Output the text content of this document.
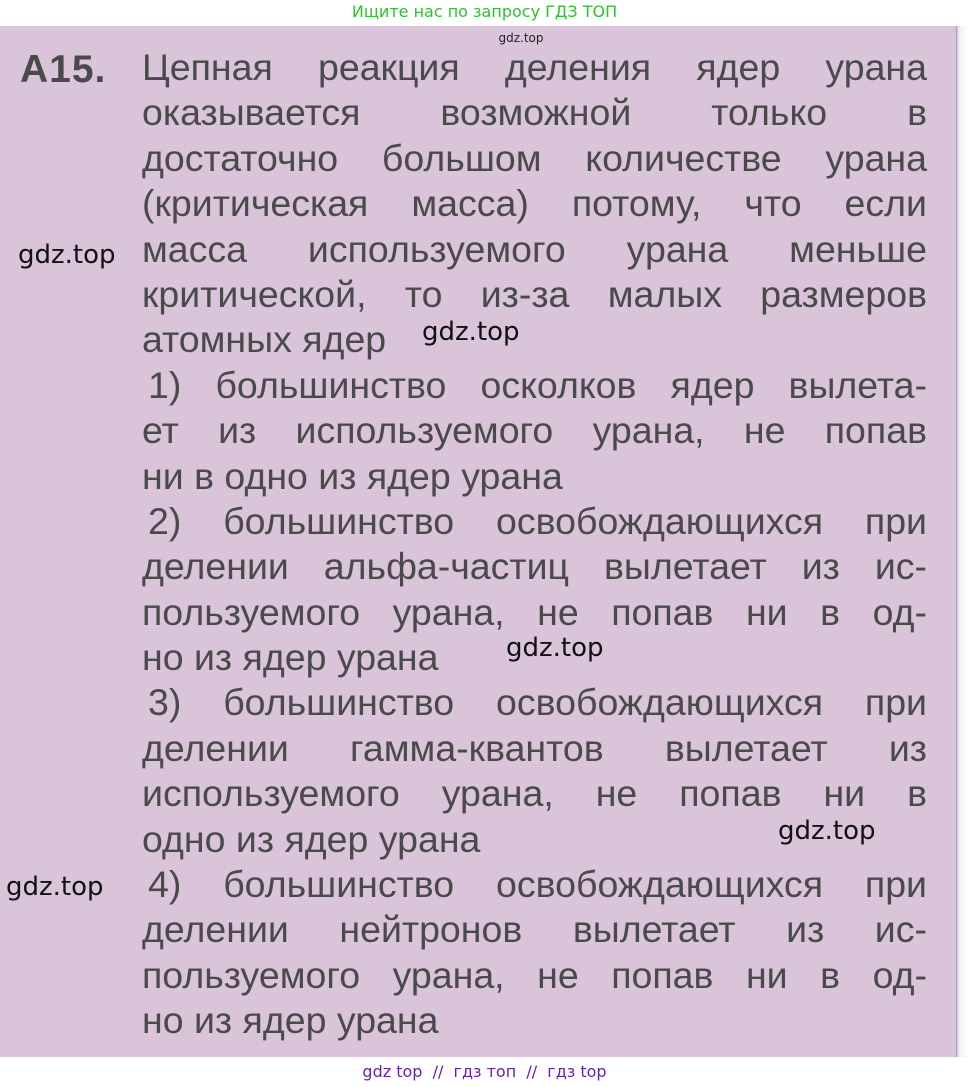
Ищите нас по запросу ГДЗ ТОП
gdz.top
A15. Цепная реакция деления ядер урана
оказывается возможной только в
достаточно большом количестве урана
(критическая масса) потому, что если
масса используемого урана меньше
критической, то из-за малых размеров
атомных ядер
1) большинство осколков ядер вылета-
ет из используемого урана, не попав
ни в одно из ядер урана
2) большинство освобождающихся при
делении альфа-частиц вылетает из ис-
пользуемого урана, не попав ни в од-
но из ядер урана
3) большинство освобождающихся при
делении гамма-квантов вылетает из
используемого урана, не попав ни в
одно из ядер урана
4) большинство освобождающихся при
делении нейтронов вылетает из ис-
пользуемого урана, не попав ни в од-
но из ядер урана
gdz.top
gdz.top
gdz.top
gdz.top
gdz.top
gdz top  //  гдз топ  //  гдз top
